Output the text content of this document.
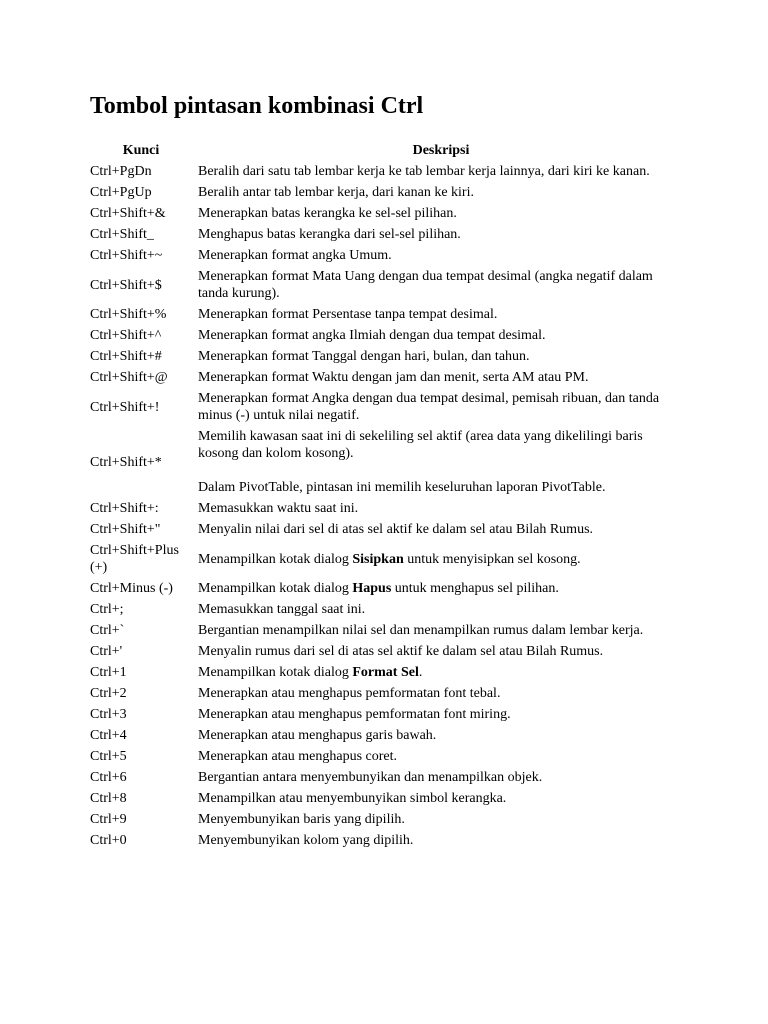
Tombol pintasan kombinasi Ctrl
Kunci	Deskripsi
Ctrl+PgDn	Beralih dari satu tab lembar kerja ke tab lembar kerja lainnya, dari kiri ke kanan.

Ctrl+PgUp	Beralih antar tab lembar kerja, dari kanan ke kiri.

Ctrl+Shift+&	Menerapkan batas kerangka ke sel-sel pilihan.

Ctrl+Shift_	Menghapus batas kerangka dari sel-sel pilihan.

Ctrl+Shift+~	Menerapkan format angka Umum.

Ctrl+Shift+$	Menerapkan format Mata Uang dengan dua tempat desimal (angka negatif dalam tanda kurung).

Ctrl+Shift+%	Menerapkan format Persentase tanpa tempat desimal.

Ctrl+Shift+^	Menerapkan format angka Ilmiah dengan dua tempat desimal.

Ctrl+Shift+#	Menerapkan format Tanggal dengan hari, bulan, dan tahun.

Ctrl+Shift+@	Menerapkan format Waktu dengan jam dan menit, serta AM atau PM.

Ctrl+Shift+!	Menerapkan format Angka dengan dua tempat desimal, pemisah ribuan, dan tanda minus (-) untuk nilai negatif.

Ctrl+Shift+*	Memilih kawasan saat ini di sekeliling sel aktif (area data yang dikelilingi baris kosong dan kolom kosong).
Dalam PivotTable, pintasan ini memilih keseluruhan laporan PivotTable.

Ctrl+Shift+:	Memasukkan waktu saat ini.

Ctrl+Shift+"	Menyalin nilai dari sel di atas sel aktif ke dalam sel atau Bilah Rumus.

Ctrl+Shift+Plus (+)	Menampilkan kotak dialog Sisipkan untuk menyisipkan sel kosong.

Ctrl+Minus (-)	Menampilkan kotak dialog Hapus untuk menghapus sel pilihan.

Ctrl+;	Memasukkan tanggal saat ini.

Ctrl+`	Bergantian menampilkan nilai sel dan menampilkan rumus dalam lembar kerja.

Ctrl+'	Menyalin rumus dari sel di atas sel aktif ke dalam sel atau Bilah Rumus.

Ctrl+1	Menampilkan kotak dialog Format Sel.

Ctrl+2	Menerapkan atau menghapus pemformatan font tebal.

Ctrl+3	Menerapkan atau menghapus pemformatan font miring.

Ctrl+4	Menerapkan atau menghapus garis bawah.

Ctrl+5	Menerapkan atau menghapus coret.

Ctrl+6	Bergantian antara menyembunyikan dan menampilkan objek.

Ctrl+8	Menampilkan atau menyembunyikan simbol kerangka.

Ctrl+9	Menyembunyikan baris yang dipilih.

Ctrl+0	Menyembunyikan kolom yang dipilih.
